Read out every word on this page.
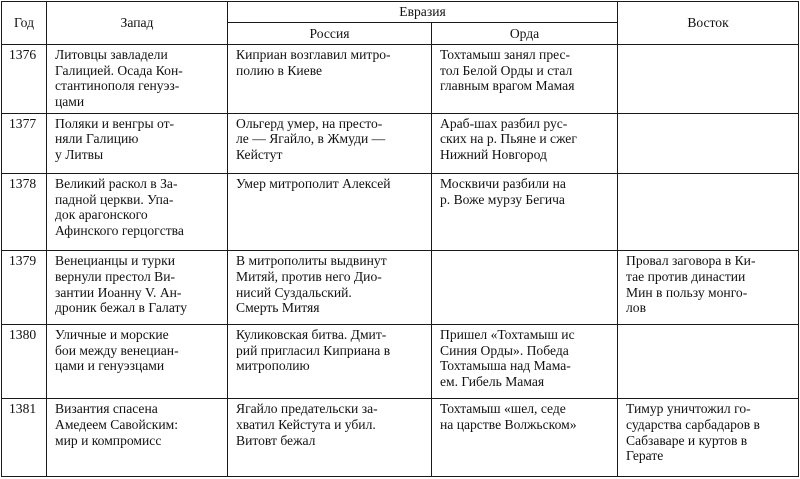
Год	Запад	Евразия		Восток
		Россия	Орда	

1376	Литовцы завладели
Галицией. Осада Кон-
стантинополя генуэз-
цами	Киприан возглавил митро-
полию в Киеве	Тохтамыш занял прес-
тол Белой Орды и стал
главным врагом Мамая	

1377	Поляки и венгры от-
няли Галицию
у Литвы	Ольгерд умер, на престо-
ле — Ягайло, в Жмуди —
Кейстут	Араб-шах разбил рус-
ских на р. Пьяне и сжег
Нижний Новгород	

1378	Великий раскол в За-
падной церкви. Упа-
док арагонского
Афинского герцогства	Умер митрополит Алексей	Москвичи разбили на
р. Воже мурзу Бегича	

1379	Венецианцы и турки
вернули престол Ви-
зантии Иоанну V. Ан-
дроник бежал в Галату	В митрополиты выдвинут
Митяй, против него Дио-
нисий Суздальский.
Смерть Митяя		Провал заговора в Ки-
тае против династии
Мин в пользу монго-
лов

1380	Уличные и морские
бои между венециан-
цами и генуэзцами	Куликовская битва. Дмит-
рий пригласил Киприана в
митрополию	Пришел «Тохтамыш ис
Синия Орды». Победа
Тохтамыша над Мама-
ем. Гибель Мамая	

1381	Византия спасена
Амедеем Савойским:
мир и компромисс	Ягайло предательски за-
хватил Кейстута и убил.
Витовт бежал	Тохтамыш «шел, седе
на царстве Волжьском»	Тимур уничтожил го-
сударства сарбадаров в
Сабзаваре и куртов в
Герате
